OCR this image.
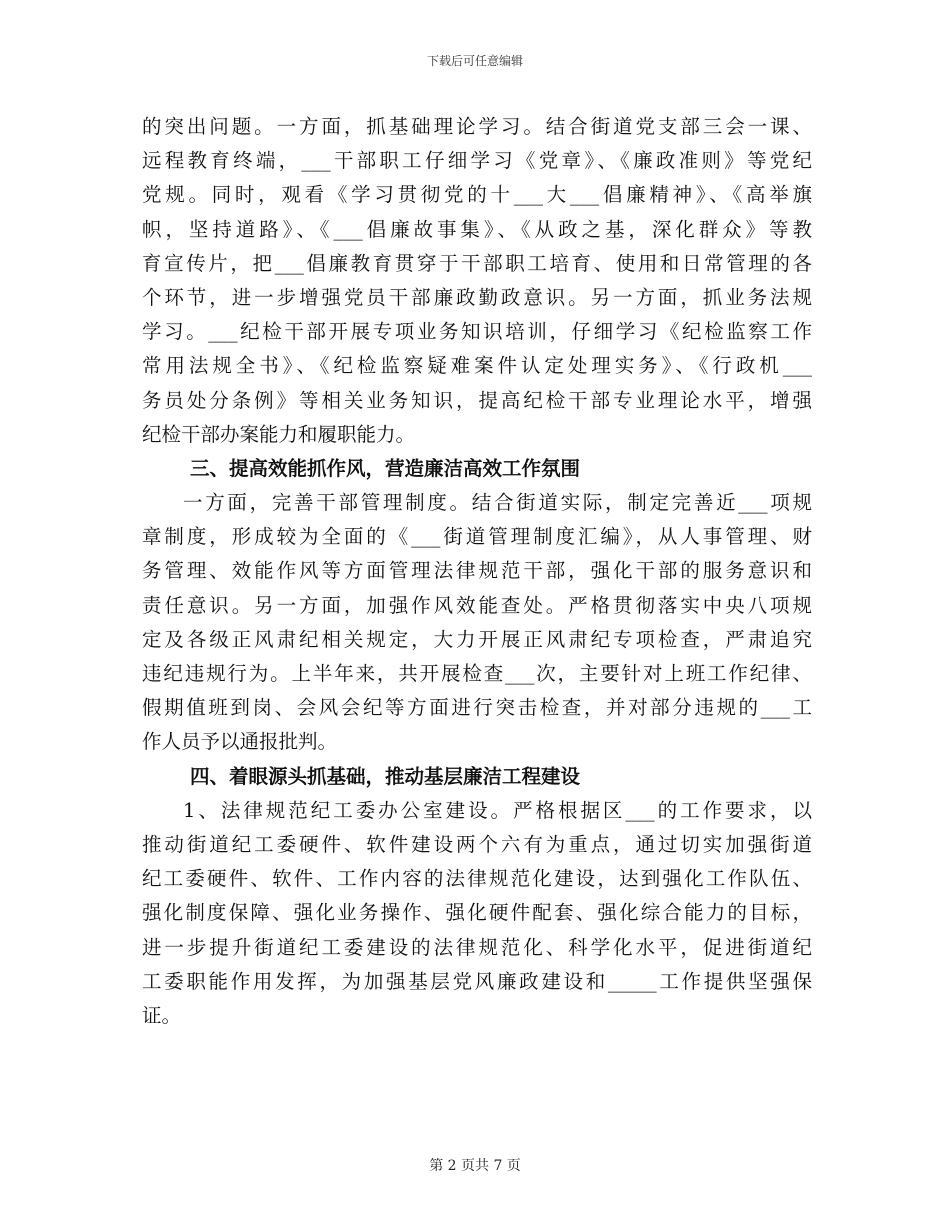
下载后可任意编辑
的突出问题。一方面，抓基础理论学习。结合街道党支部三会一课、
远程教育终端，___干部职工仔细学习《党章》、《廉政准则》等党纪
党规。同时，观看《学习贯彻党的十___大___倡廉精神》、《高举旗
帜，坚持道路》、《___倡廉故事集》、《从政之基，深化群众》等教
育宣传片，把___倡廉教育贯穿于干部职工培育、使用和日常管理的各
个环节，进一步增强党员干部廉政勤政意识。另一方面，抓业务法规
学习。___纪检干部开展专项业务知识培训，仔细学习《纪检监察工作
常用法规全书》、《纪检监察疑难案件认定处理实务》、《行政机___
务员处分条例》等相关业务知识，提高纪检干部专业理论水平，增强
纪检干部办案能力和履职能力。
三、提高效能抓作风，营造廉洁高效工作氛围
一方面，完善干部管理制度。结合街道实际，制定完善近___项规
章制度，形成较为全面的《___街道管理制度汇编》，从人事管理、财
务管理、效能作风等方面管理法律规范干部，强化干部的服务意识和
责任意识。另一方面，加强作风效能查处。严格贯彻落实中央八项规
定及各级正风肃纪相关规定，大力开展正风肃纪专项检查，严肃追究
违纪违规行为。上半年来，共开展检查___次，主要针对上班工作纪律、
假期值班到岗、会风会纪等方面进行突击检查，并对部分违规的___工
作人员予以通报批判。
四、着眼源头抓基础，推动基层廉洁工程建设
1、法律规范纪工委办公室建设。严格根据区___的工作要求，以
推动街道纪工委硬件、软件建设两个六有为重点，通过切实加强街道
纪工委硬件、软件、工作内容的法律规范化建设，达到强化工作队伍、
强化制度保障、强化业务操作、强化硬件配套、强化综合能力的目标，
进一步提升街道纪工委建设的法律规范化、科学化水平，促进街道纪
工委职能作用发挥，为加强基层党风廉政建设和_____工作提供坚强保
证。
第 2 页共 7 页
